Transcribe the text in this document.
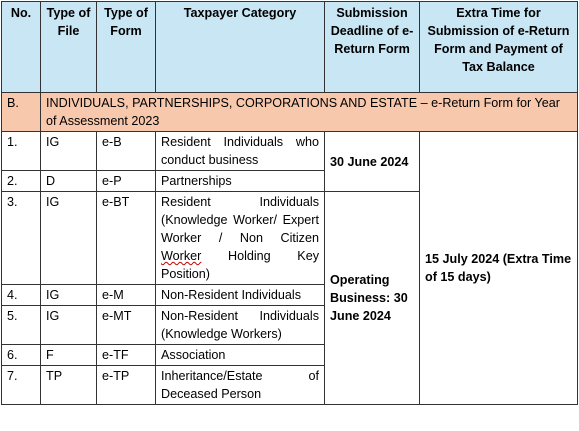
No.	Type of File	Type of Form	Taxpayer Category	Submission Deadline of e-Return Form	Extra Time for Submission of e-Return Form and Payment of Tax Balance
B.	INDIVIDUALS, PARTNERSHIPS, CORPORATIONS AND ESTATE – e-Return Form for Year of Assessment 2023				
1.	IG	e-B	Resident Individuals who conduct business	30 June 2024	15 July 2024 (Extra Time of 15 days)
2.	D	e-P	Partnerships		
3.	IG	e-BT	Resident Individuals (Knowledge Worker/ Expert Worker / Non Citizen Worker Holding Key Position)	Operating Business: 30 June 2024	
4.	IG	e-M	Non-Resident Individuals		
5.	IG	e-MT	Non-Resident Individuals (Knowledge Workers)		
6.	F	e-TF	Association		
7.	TP	e-TP	Inheritance/Estate of Deceased Person		
